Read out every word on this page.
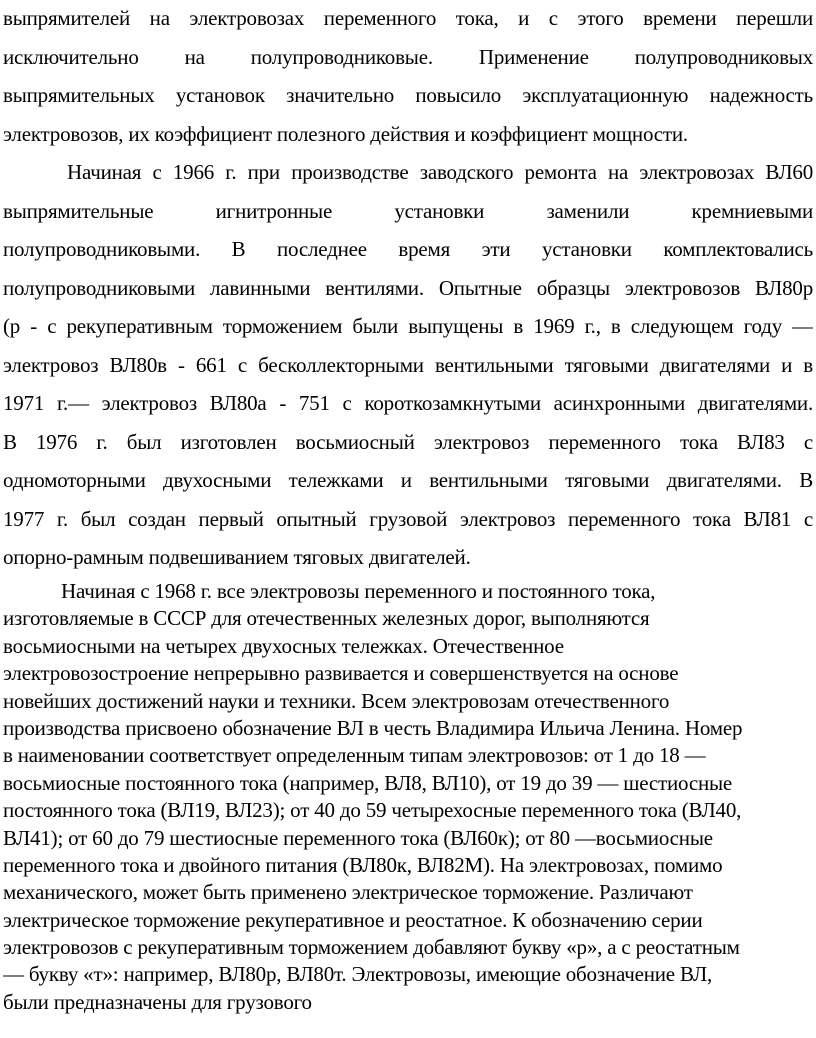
выпрямителей на электровозах переменного тока, и с этого времени перешли
исключительно на полупроводниковые. Применение полупроводниковых
выпрямительных установок значительно повысило эксплуатационную надежность
электровозов, их коэффициент полезного действия и коэффициент мощности.
Начиная с 1966 г. при производстве заводского ремонта на электровозах ВЛ60
выпрямительные игнитронные установки заменили кремниевыми
полупроводниковыми. В последнее время эти установки комплектовались
полупроводниковыми лавинными вентилями. Опытные образцы электровозов ВЛ80р
(р - с рекуперативным торможением были выпущены в 1969 г., в следующем году —
электровоз ВЛ80в - 661 с бесколлекторными вентильными тяговыми двигателями и в
1971 г.— электровоз ВЛ80а - 751 с короткозамкнутыми асинхронными двигателями.
В 1976 г. был изготовлен восьмиосный электровоз переменного тока ВЛ83 с
одномоторными двухосными тележками и вентильными тяговыми двигателями. В
1977 г. был создан первый опытный грузовой электровоз переменного тока ВЛ81 с
опорно-рамным подвешиванием тяговых двигателей.
Начиная с 1968 г. все электровозы переменного и постоянного тока,
изготовляемые в СССР для отечественных железных дорог, выполняются
восьмиосными на четырех двухосных тележках. Отечественное
электровозостроение непрерывно развивается и совершенствуется на основе
новейших достижений науки и техники. Всем электровозам отечественного
производства присвоено обозначение ВЛ в честь Владимира Ильича Ленина. Номер
в наименовании соответствует определенным типам электровозов: от 1 до 18 —
восьмиосные постоянного тока (например, ВЛ8, ВЛ10), от 19 до 39 — шестиосные
постоянного тока (ВЛ19, ВЛ23); от 40 до 59 четырехосные переменного тока (ВЛ40,
ВЛ41); от 60 до 79 шестиосные переменного тока (ВЛ60к); от 80 —восьмиосные
переменного тока и двойного питания (ВЛ80к, ВЛ82М). На электровозах, помимо
механического, может быть применено электрическое торможение. Различают
электрическое торможение рекуперативное и реостатное. К обозначению серии
электровозов с рекуперативным торможением добавляют букву «р», а с реостатным
— букву «т»: например, ВЛ80р, ВЛ80т. Электровозы, имеющие обозначение ВЛ,
были предназначены для грузового
